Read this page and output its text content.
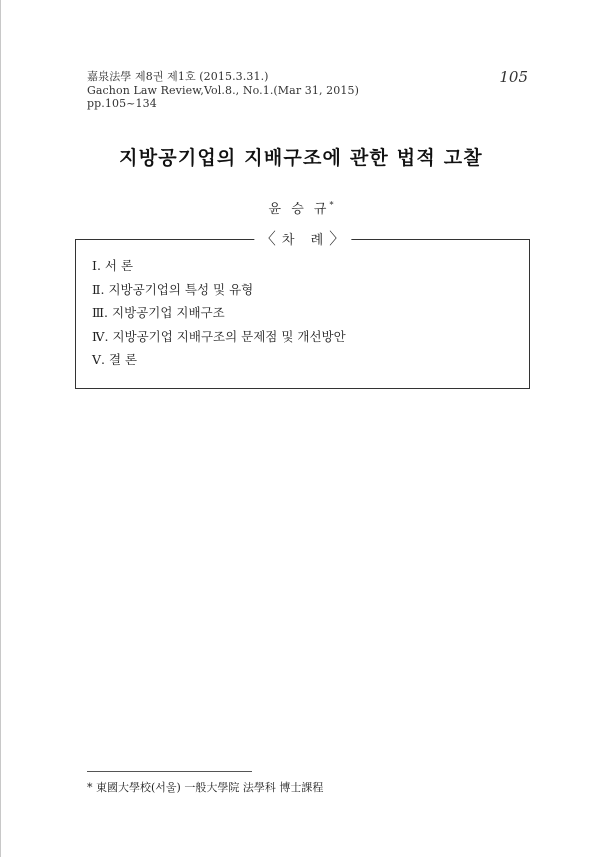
嘉泉法學 제8권 제1호 (2015.3.31.)
Gachon Law Review,Vol.8., No.1.(Mar 31, 2015)
pp.105~134
105
지방공기업의 지배구조에 관한 법적 고찰
윤 승 규*
〈 차 례 〉
Ⅰ. 서 론
Ⅱ. 지방공기업의 특성 및 유형
Ⅲ. 지방공기업 지배구조
Ⅳ. 지방공기업 지배구조의 문제점 및 개선방안
Ⅴ. 결 론
* 東國大學校(서울) 一般大學院 法學科 博士課程
